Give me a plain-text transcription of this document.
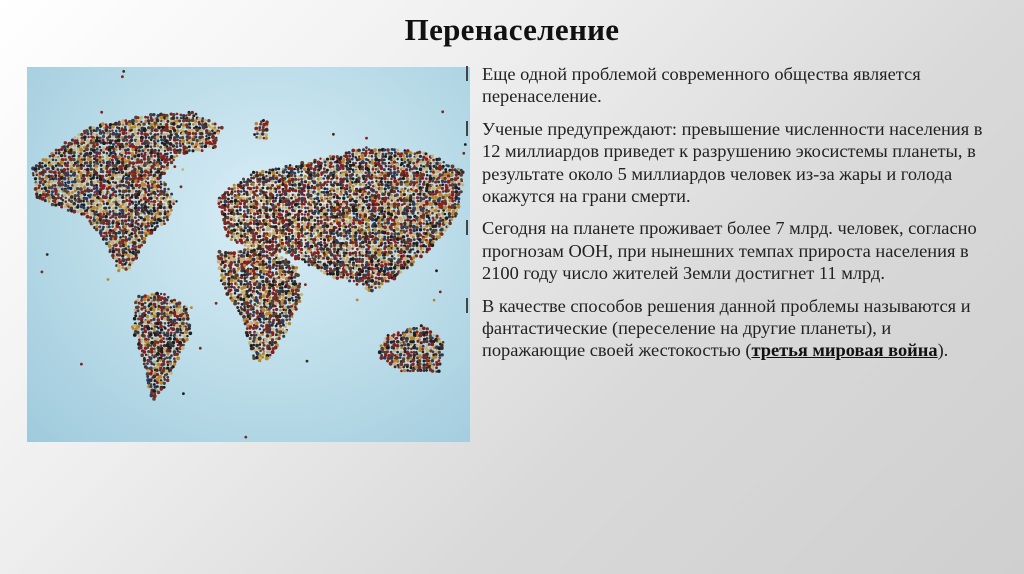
Перенаселение

Еще одной проблемой современного общества является перенаселение.

Ученые предупреждают: превышение численности населения в 12 миллиардов приведет к разрушению экосистемы планеты, в результате около 5 миллиардов человек из-за жары и голода окажутся на грани смерти.

Сегодня на планете проживает более 7 млрд. человек, согласно прогнозам ООН, при нынешних темпах прироста населения в 2100 году число жителей Земли достигнет 11 млрд.

В качестве способов решения данной проблемы называются и фантастические (переселение на другие планеты), и поражающие своей жестокостью (третья мировая война).
